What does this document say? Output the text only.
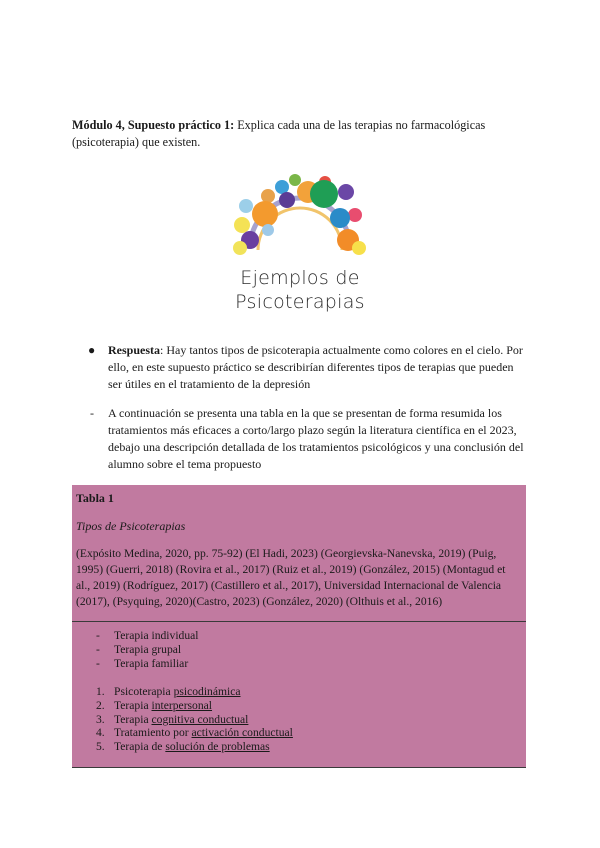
Módulo 4, Supuesto práctico 1: Explica cada una de las terapias no farmacológicas (psicoterapia) que existen.
Ejemplos de
Psicoterapias
● Respuesta: Hay tantos tipos de psicoterapia actualmente como colores en el cielo. Por ello, en este supuesto práctico se describirían diferentes tipos de terapias que pueden ser útiles en el tratamiento de la depresión
- A continuación se presenta una tabla en la que se presentan de forma resumida los tratamientos más eficaces a corto/largo plazo según la literatura científica en el 2023, debajo una descripción detallada de los tratamientos psicológicos y una conclusión del alumno sobre el tema propuesto
Tabla 1
Tipos de Psicoterapias
(Expósito Medina, 2020, pp. 75-92) (El Hadi, 2023) (Georgievska-Nanevska, 2019) (Puig, 1995) (Guerri, 2018) (Rovira et al., 2017) (Ruiz et al., 2019) (González, 2015) (Montagud et al., 2019) (Rodríguez, 2017) (Castillero et al., 2017), Universidad Internacional de Valencia (2017), (Psyquing, 2020)(Castro, 2023) (González, 2020) (Olthuis et al., 2016)
- Terapia individual
- Terapia grupal
- Terapia familiar
1. Psicoterapia psicodinámica
2. Terapia interpersonal
3. Terapia cognitiva conductual
4. Tratamiento por activación conductual
5. Terapia de solución de problemas
